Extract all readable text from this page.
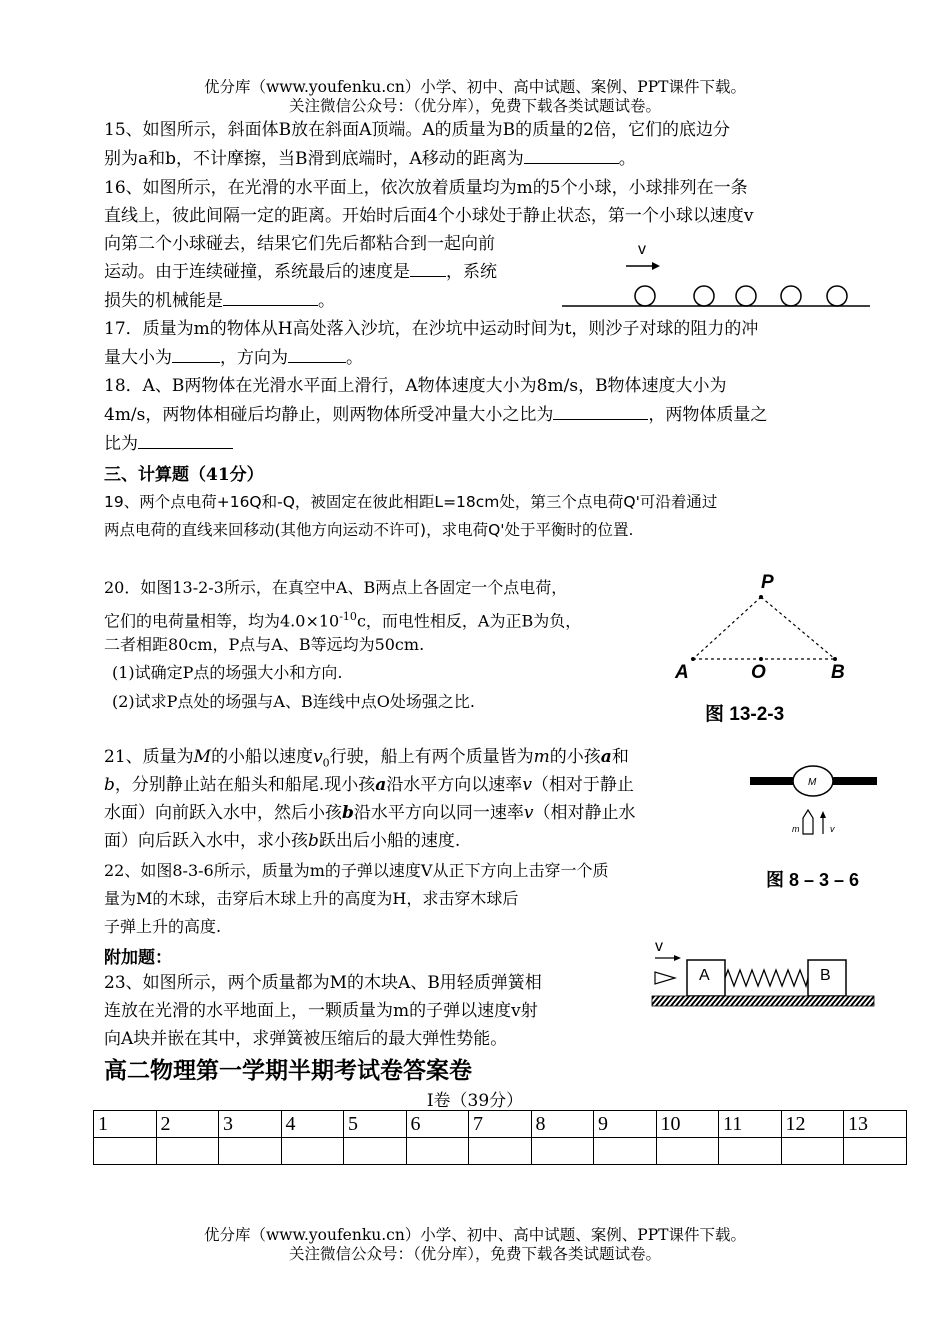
优分库（www.youfenku.cn）小学、初中、高中试题、案例、PPT课件下载。
关注微信公众号：（优分库），免费下载各类试题试卷。
15、如图所示，斜面体B放在斜面A顶端。A的质量为B的质量的2倍，它们的底边分
别为a和b，不计摩擦，当B滑到底端时，A移动的距离为	。
16、如图所示，在光滑的水平面上，依次放着质量均为m的5个小球，小球排列在一条
直线上，彼此间隔一定的距离。开始时后面4个小球处于静止状态，第一个小球以速度v
向第二个小球碰去，结果它们先后都粘合到一起向前
运动。由于连续碰撞，系统最后的速度是 ，系统
损失的机械能是	。
v
17．质量为m的物体从H高处落入沙坑，在沙坑中运动时间为t，则沙子对球的阻力的冲
量大小为	，方向为	。
18．A、B两物体在光滑水平面上滑行，A物体速度大小为8m/s，B物体速度大小为
4m/s，两物体相碰后均静止，则两物体所受冲量大小之比为	，两物体质量之
比为
三、计算题（41分）
19、两个点电荷+16Q和-Q，被固定在彼此相距L=18cm处，第三个点电荷Q'可沿着通过
两点电荷的直线来回移动(其他方向运动不许可)，求电荷Q'处于平衡时的位置.
20．如图13-2-3所示，在真空中A、B两点上各固定一个点电荷，
它们的电荷量相等，均为$4.0\times 10^{-10}c$，而电性相反，A为正B为负，
二者相距80cm，P点与A、B等远均为50cm.
(1)试确定P点的场强大小和方向.
(2)试求P点处的场强与A、B连线中点O处场强之比.
P
A	O	B
图 13-2-3
21、质量为M的小船以速度$v_0$行驶，船上有两个质量皆为m的小孩a和
b，分别静止站在船头和船尾.现小孩a沿水平方向以速率v（相对于静止
水面）向前跃入水中，然后小孩b沿水平方向以同一速率v（相对静止水
面）向后跃入水中，求小孩b跃出后小船的速度.
22、如图8-3-6所示，质量为m的子弹以速度V从正下方向上击穿一个质
量为M的木球，击穿后木球上升的高度为H，求击穿木球后
子弹上升的高度.
M
m	v
图 8 – 3 – 6
附加题：
23、如图所示，两个质量都为M的木块A、B用轻质弹簧相
连放在光滑的水平地面上，一颗质量为m的子弹以速度v射
向A块并嵌在其中，求弹簧被压缩后的最大弹性势能。
v
A	B
高二物理第一学期半期考试卷答案卷
Ⅰ卷（39分）
1	2	3	4	5	6	7	8	9	10	11	12	13

优分库（www.youfenku.cn）小学、初中、高中试题、案例、PPT课件下载。
关注微信公众号：（优分库），免费下载各类试题试卷。
